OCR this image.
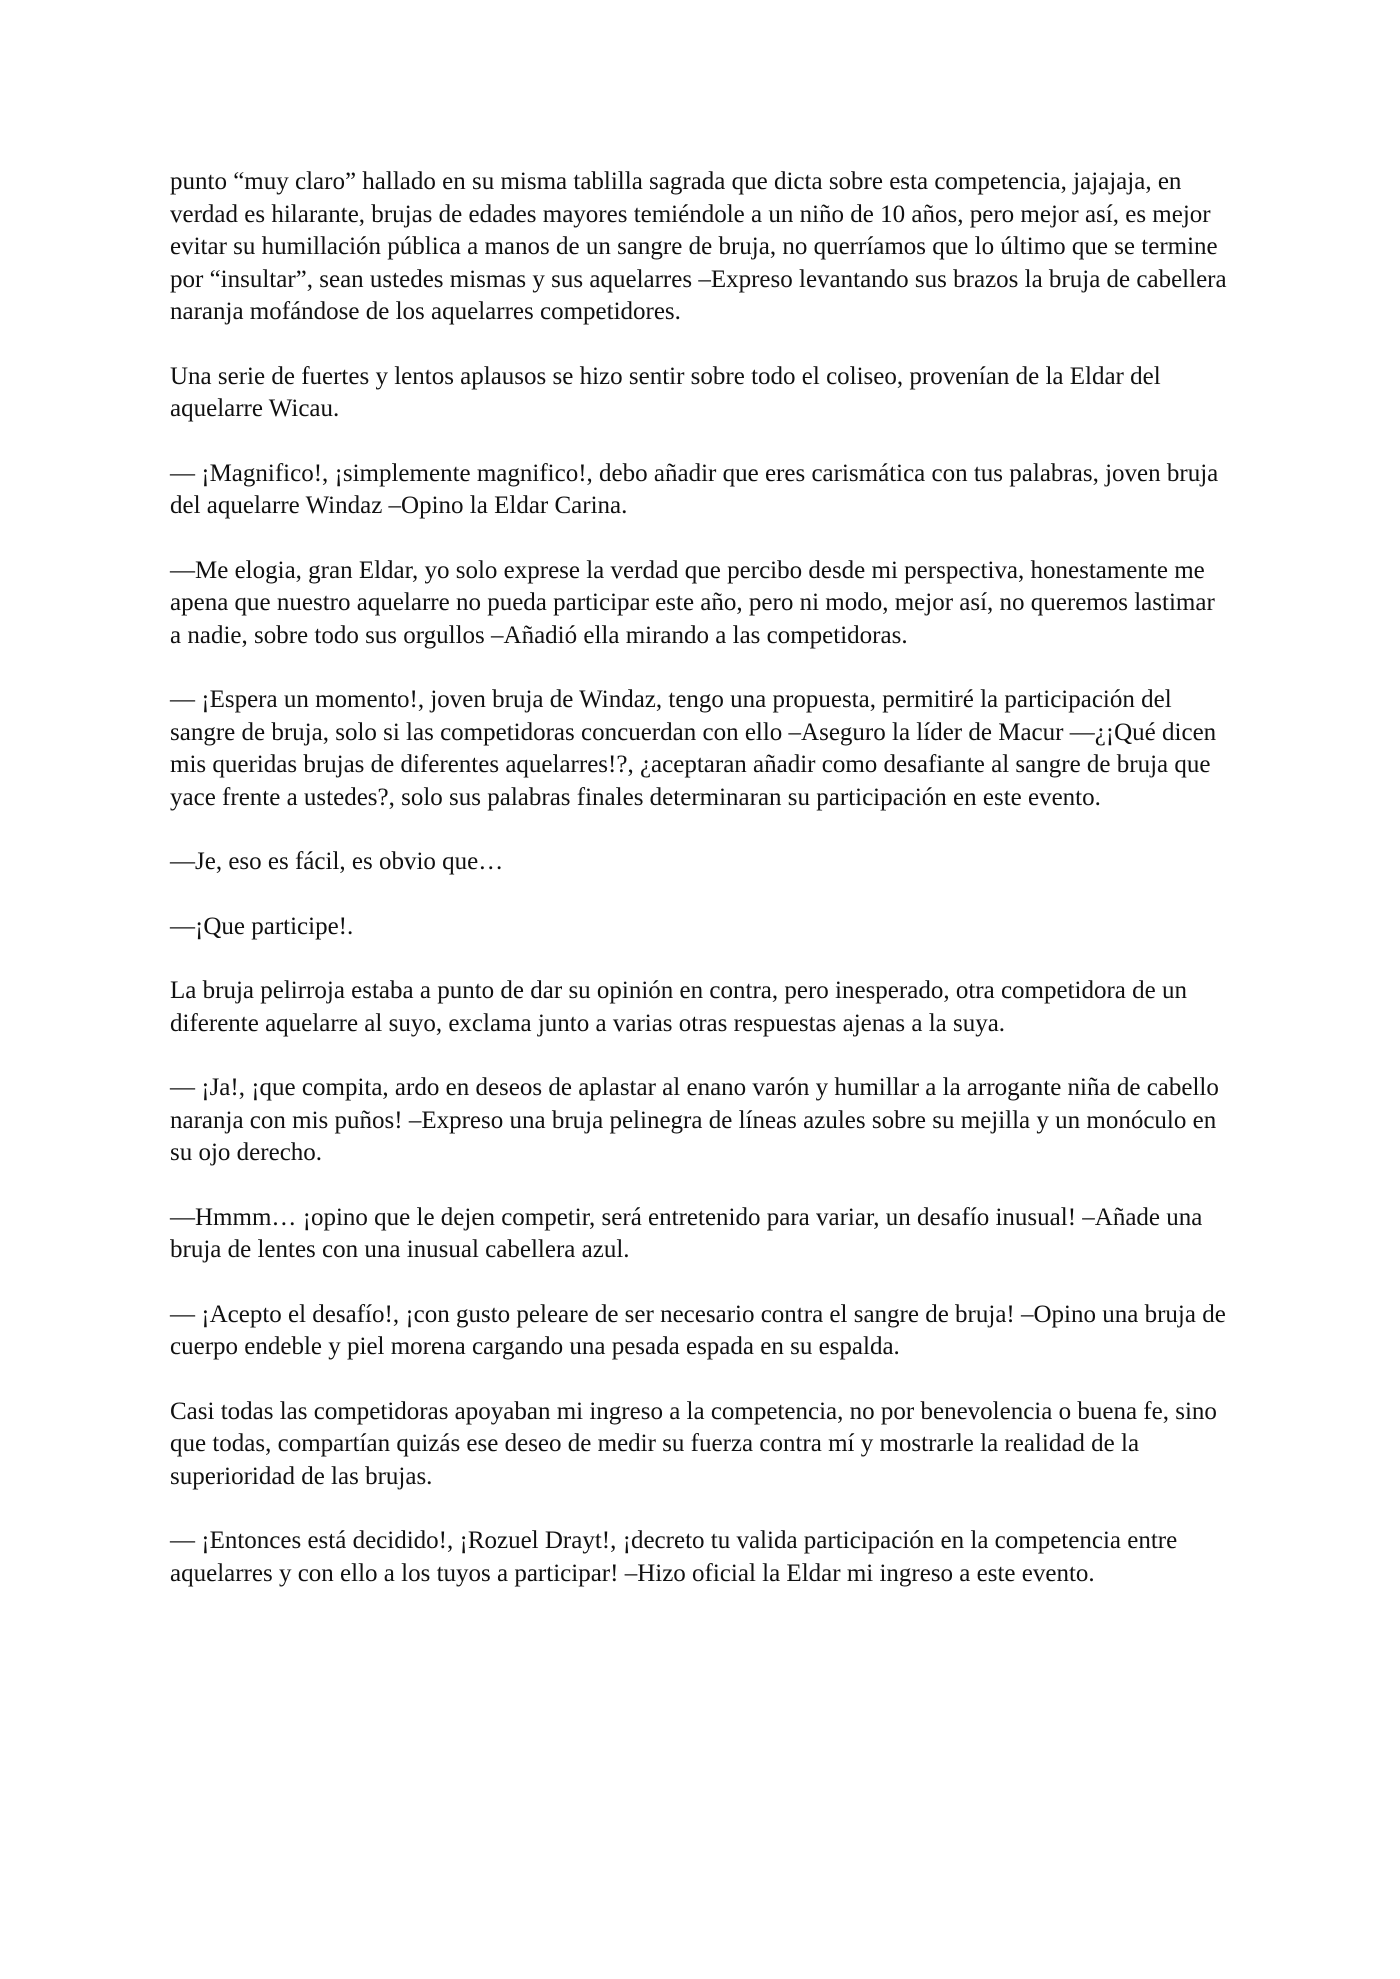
punto “muy claro” hallado en su misma tablilla sagrada que dicta sobre esta competencia, jajajaja, en verdad es hilarante, brujas de edades mayores temiéndole a un niño de 10 años, pero mejor así, es mejor evitar su humillación pública a manos de un sangre de bruja, no querríamos que lo último que se termine por “insultar”, sean ustedes mismas y sus aquelarres –Expreso levantando sus brazos la bruja de cabellera naranja mofándose de los aquelarres competidores.

Una serie de fuertes y lentos aplausos se hizo sentir sobre todo el coliseo, provenían de la Eldar del aquelarre Wicau.

— ¡Magnifico!, ¡simplemente magnifico!, debo añadir que eres carismática con tus palabras, joven bruja del aquelarre Windaz –Opino la Eldar Carina.

—Me elogia, gran Eldar, yo solo exprese la verdad que percibo desde mi perspectiva, honestamente me apena que nuestro aquelarre no pueda participar este año, pero ni modo, mejor así, no queremos lastimar a nadie, sobre todo sus orgullos –Añadió ella mirando a las competidoras.

— ¡Espera un momento!, joven bruja de Windaz, tengo una propuesta, permitiré la participación del sangre de bruja, solo si las competidoras concuerdan con ello –Aseguro la líder de Macur —¿¡Qué dicen mis queridas brujas de diferentes aquelarres!?, ¿aceptaran añadir como desafiante al sangre de bruja que yace frente a ustedes?, solo sus palabras finales determinaran su participación en este evento.

—Je, eso es fácil, es obvio que…

—¡Que participe!.

La bruja pelirroja estaba a punto de dar su opinión en contra, pero inesperado, otra competidora de un diferente aquelarre al suyo, exclama junto a varias otras respuestas ajenas a la suya.

— ¡Ja!, ¡que compita, ardo en deseos de aplastar al enano varón y humillar a la arrogante niña de cabello naranja con mis puños! –Expreso una bruja pelinegra de líneas azules sobre su mejilla y un monóculo en su ojo derecho.

—Hmmm… ¡opino que le dejen competir, será entretenido para variar, un desafío inusual! –Añade una bruja de lentes con una inusual cabellera azul.

— ¡Acepto el desafío!, ¡con gusto peleare de ser necesario contra el sangre de bruja! –Opino una bruja de cuerpo endeble y piel morena cargando una pesada espada en su espalda.

Casi todas las competidoras apoyaban mi ingreso a la competencia, no por benevolencia o buena fe, sino que todas, compartían quizás ese deseo de medir su fuerza contra mí y mostrarle la realidad de la superioridad de las brujas.

— ¡Entonces está decidido!, ¡Rozuel Drayt!, ¡decreto tu valida participación en la competencia entre aquelarres y con ello a los tuyos a participar! –Hizo oficial la Eldar mi ingreso a este evento.
